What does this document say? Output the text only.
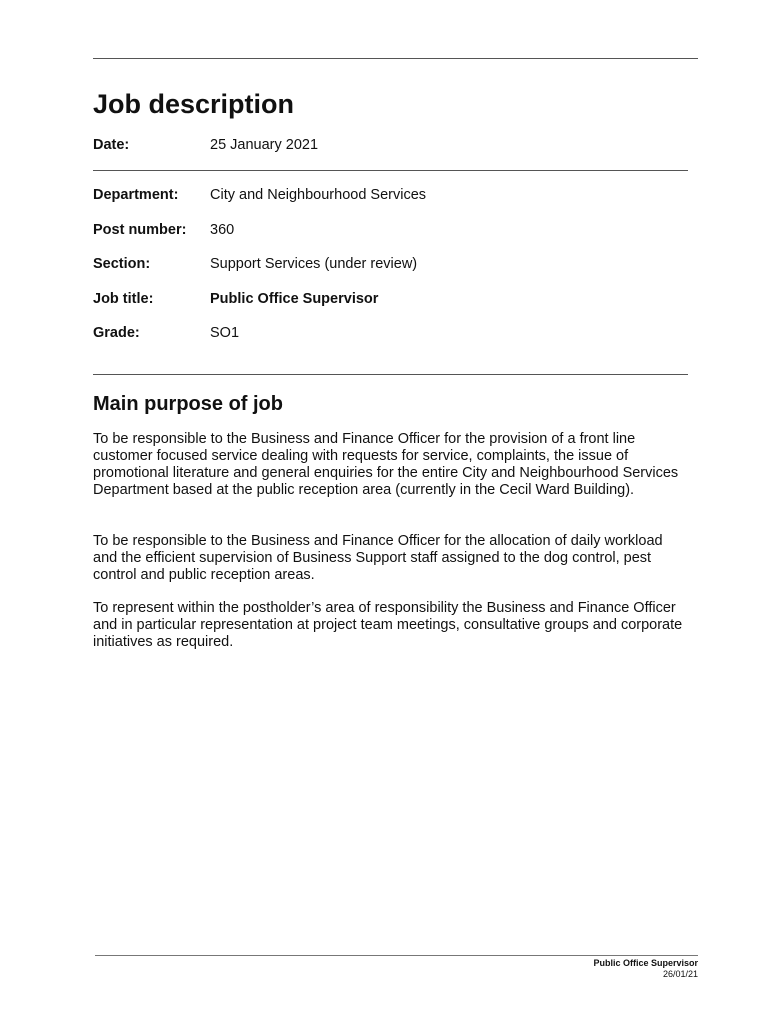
Job description
Date:	25 January 2021
Department: City and Neighbourhood Services
Post number: 360
Section:	Support Services (under review)
Job title:	Public Office Supervisor
Grade:	SO1
Main purpose of job

To be responsible to the Business and Finance Officer for the provision of a front line customer focused service dealing with requests for service, complaints, the issue of promotional literature and general enquiries for the entire City and Neighbourhood Services Department based at the public reception area (currently in the Cecil Ward Building).

To be responsible to the Business and Finance Officer for the allocation of daily workload and the efficient supervision of Business Support staff assigned to the dog control, pest control and public reception areas.

To represent within the postholder’s area of responsibility the Business and Finance Officer and in particular representation at project team meetings, consultative groups and corporate initiatives as required.

Public Office Supervisor
26/01/21
